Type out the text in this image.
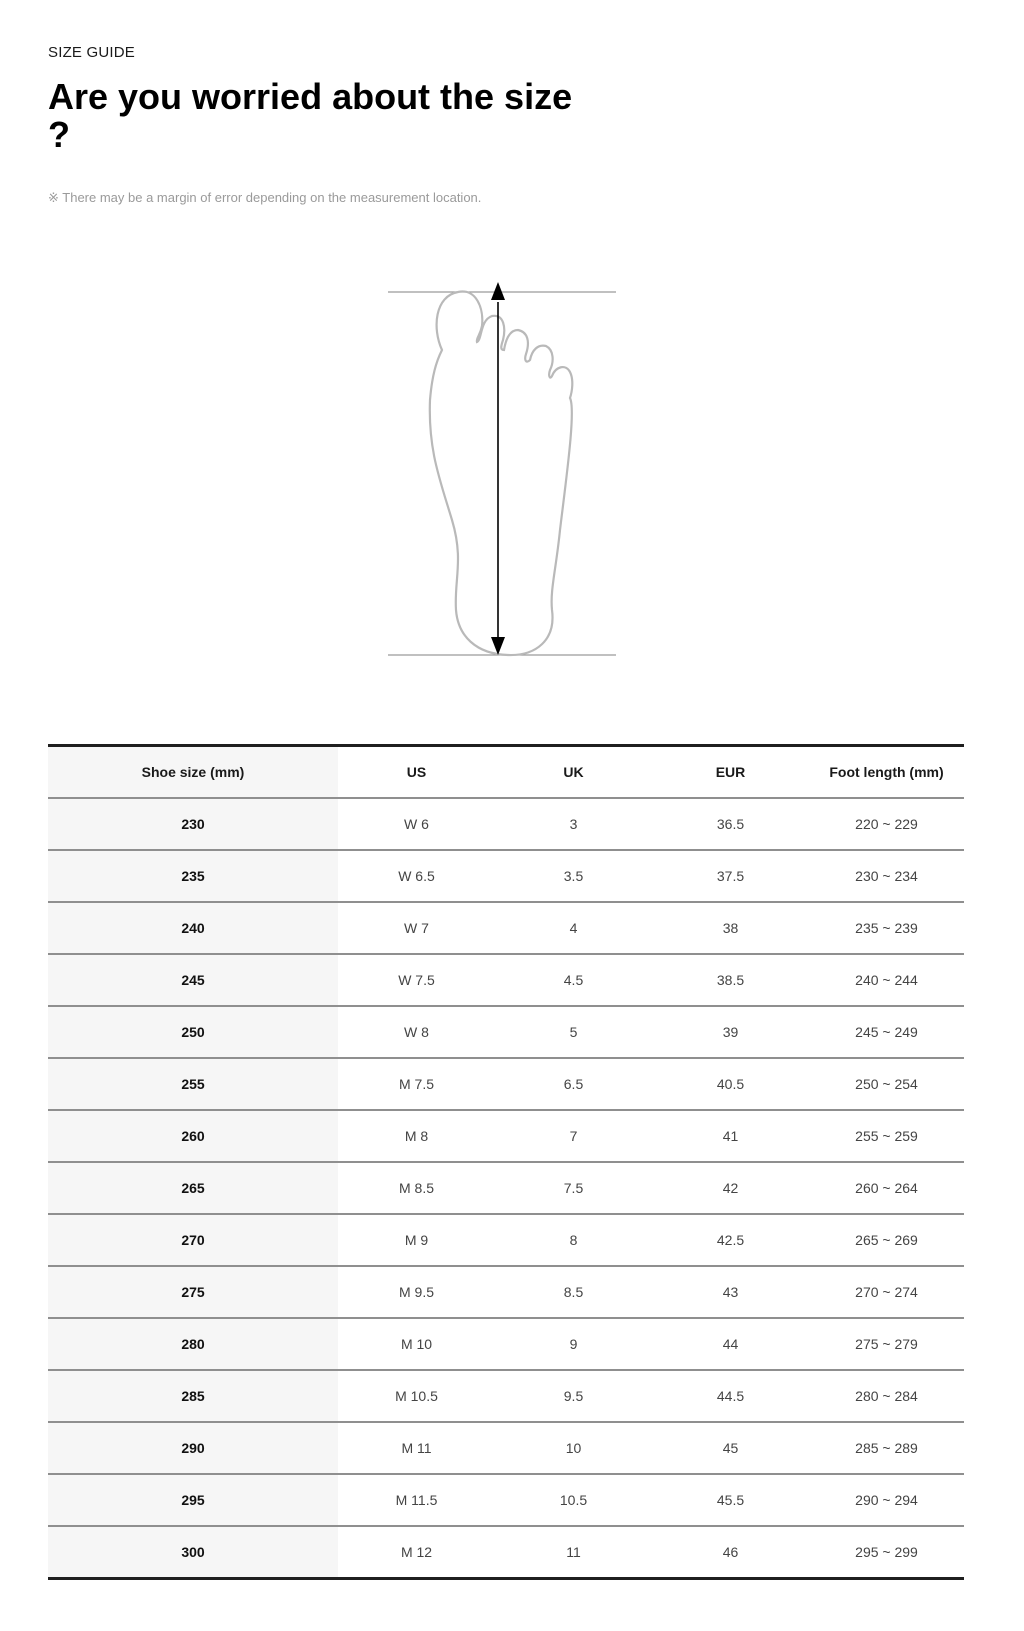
SIZE GUIDE
Are you worried about the size ?
※ There may be a margin of error depending on the measurement location.
Shoe size (mm)	US	UK	EUR	Foot length (mm)
230	W 6	3	36.5	220 ~ 229
235	W 6.5	3.5	37.5	230 ~ 234
240	W 7	4	38	235 ~ 239
245	W 7.5	4.5	38.5	240 ~ 244
250	W 8	5	39	245 ~ 249
255	M 7.5	6.5	40.5	250 ~ 254
260	M 8	7	41	255 ~ 259
265	M 8.5	7.5	42	260 ~ 264
270	M 9	8	42.5	265 ~ 269
275	M 9.5	8.5	43	270 ~ 274
280	M 10	9	44	275 ~ 279
285	M 10.5	9.5	44.5	280 ~ 284
290	M 11	10	45	285 ~ 289
295	M 11.5	10.5	45.5	290 ~ 294
300	M 12	11	46	295 ~ 299
